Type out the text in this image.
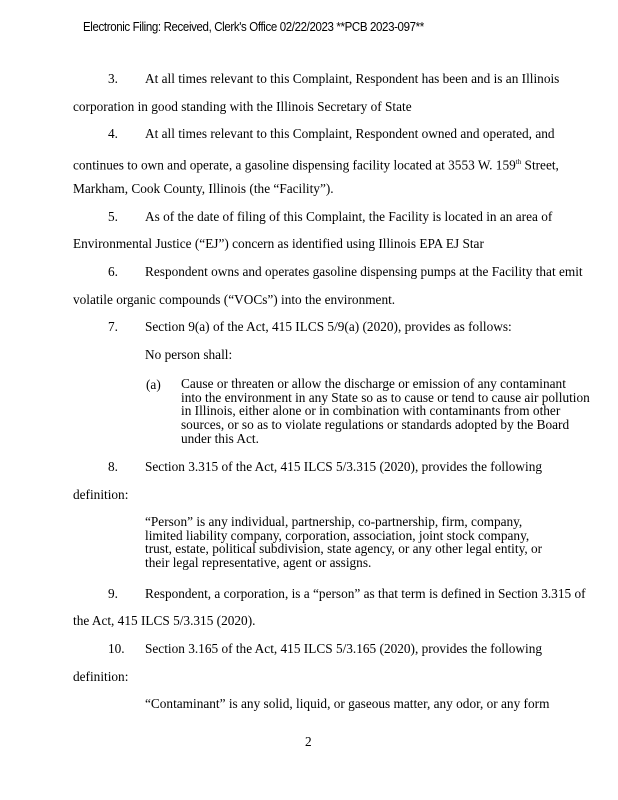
Electronic Filing: Received, Clerk's Office 02/22/2023 **PCB 2023-097**
3. At all times relevant to this Complaint, Respondent has been and is an Illinois
corporation in good standing with the Illinois Secretary of State
4. At all times relevant to this Complaint, Respondent owned and operated, and
continues to own and operate, a gasoline dispensing facility located at 3553 W. 159th Street,
Markham, Cook County, Illinois (the “Facility”).
5. As of the date of filing of this Complaint, the Facility is located in an area of
Environmental Justice (“EJ”) concern as identified using Illinois EPA EJ Star
6. Respondent owns and operates gasoline dispensing pumps at the Facility that emit
volatile organic compounds (“VOCs”) into the environment.
7. Section 9(a) of the Act, 415 ILCS 5/9(a) (2020), provides as follows:
No person shall:
(a) Cause or threaten or allow the discharge or emission of any contaminant
into the environment in any State so as to cause or tend to cause air pollution
in Illinois, either alone or in combination with contaminants from other
sources, or so as to violate regulations or standards adopted by the Board
under this Act.
8. Section 3.315 of the Act, 415 ILCS 5/3.315 (2020), provides the following
definition:
“Person” is any individual, partnership, co-partnership, firm, company,
limited liability company, corporation, association, joint stock company,
trust, estate, political subdivision, state agency, or any other legal entity, or
their legal representative, agent or assigns.
9. Respondent, a corporation, is a “person” as that term is defined in Section 3.315 of
the Act, 415 ILCS 5/3.315 (2020).
10. Section 3.165 of the Act, 415 ILCS 5/3.165 (2020), provides the following
definition:
“Contaminant” is any solid, liquid, or gaseous matter, any odor, or any form
2
